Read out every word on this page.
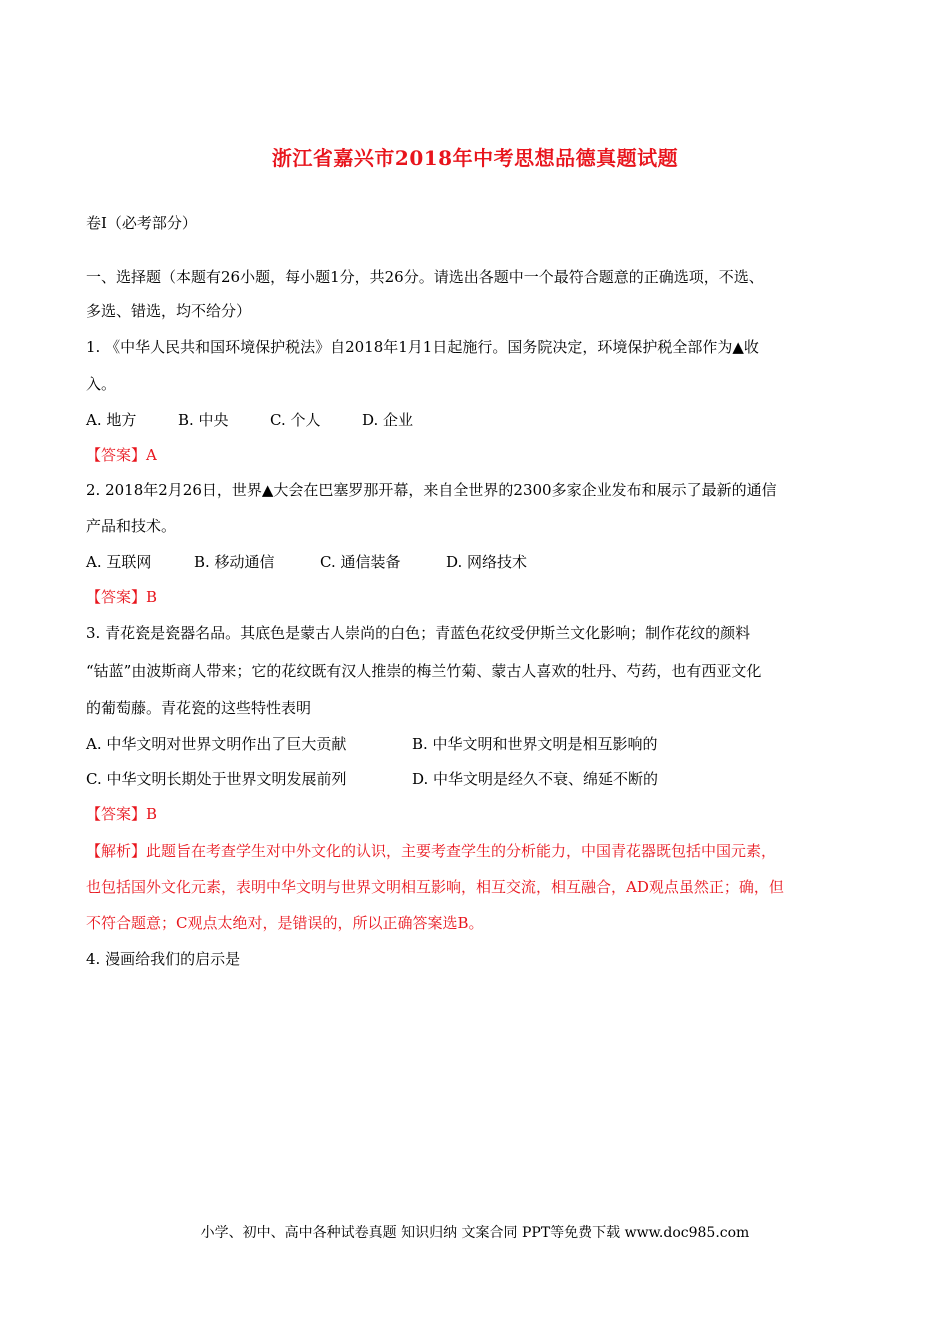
浙江省嘉兴市2018年中考思想品德真题试题
卷Ⅰ（必考部分）
一、选择题（本题有26小题，每小题1分，共26分。请选出各题中一个最符合题意的正确选项，不选、
多选、错选，均不给分）
1. 《中华人民共和国环境保护税法》自2018年1月1日起施行。国务院决定，环境保护税全部作为▲收
入。
A. 地方	B. 中央	C. 个人	D. 企业
【答案】A
2. 2018年2月26日，世界▲大会在巴塞罗那开幕，来自全世界的2300多家企业发布和展示了最新的通信
产品和技术。
A. 互联网	B. 移动通信	C. 通信装备	D. 网络技术
【答案】B
3. 青花瓷是瓷器名品。其底色是蒙古人崇尚的白色；青蓝色花纹受伊斯兰文化影响；制作花纹的颜料
“钴蓝”由波斯商人带来；它的花纹既有汉人推崇的梅兰竹菊、蒙古人喜欢的牡丹、芍药，也有西亚文化
的葡萄藤。青花瓷的这些特性表明
A. 中华文明对世界文明作出了巨大贡献	B. 中华文明和世界文明是相互影响的
C. 中华文明长期处于世界文明发展前列	D. 中华文明是经久不衰、绵延不断的
【答案】B
【解析】此题旨在考查学生对中外文化的认识，主要考查学生的分析能力，中国青花器既包括中国元素，
也包括国外文化元素，表明中华文明与世界文明相互影响，相互交流，相互融合，AD观点虽然正；确，但
不符合题意；C观点太绝对，是错误的，所以正确答案选B。
4. 漫画给我们的启示是
小学、初中、高中各种试卷真题 知识归纳 文案合同 PPT等免费下载 www.doc985.com
